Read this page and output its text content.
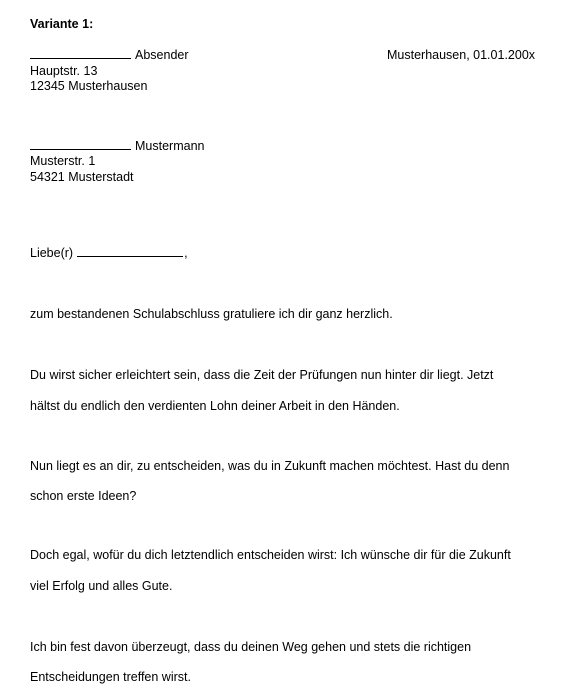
Variante 1:
Absender	Musterhausen, 01.01.200x
Hauptstr. 13
12345 Musterhausen
Mustermann
Musterstr. 1
54321 Musterstadt
Liebe(r)	,
zum bestandenen Schulabschluss gratuliere ich dir ganz herzlich.
Du wirst sicher erleichtert sein, dass die Zeit der Prüfungen nun hinter dir liegt. Jetzt
hältst du endlich den verdienten Lohn deiner Arbeit in den Händen.
Nun liegt es an dir, zu entscheiden, was du in Zukunft machen möchtest. Hast du denn
schon erste Ideen?
Doch egal, wofür du dich letztendlich entscheiden wirst: Ich wünsche dir für die Zukunft
viel Erfolg und alles Gute.
Ich bin fest davon überzeugt, dass du deinen Weg gehen und stets die richtigen
Entscheidungen treffen wirst.
